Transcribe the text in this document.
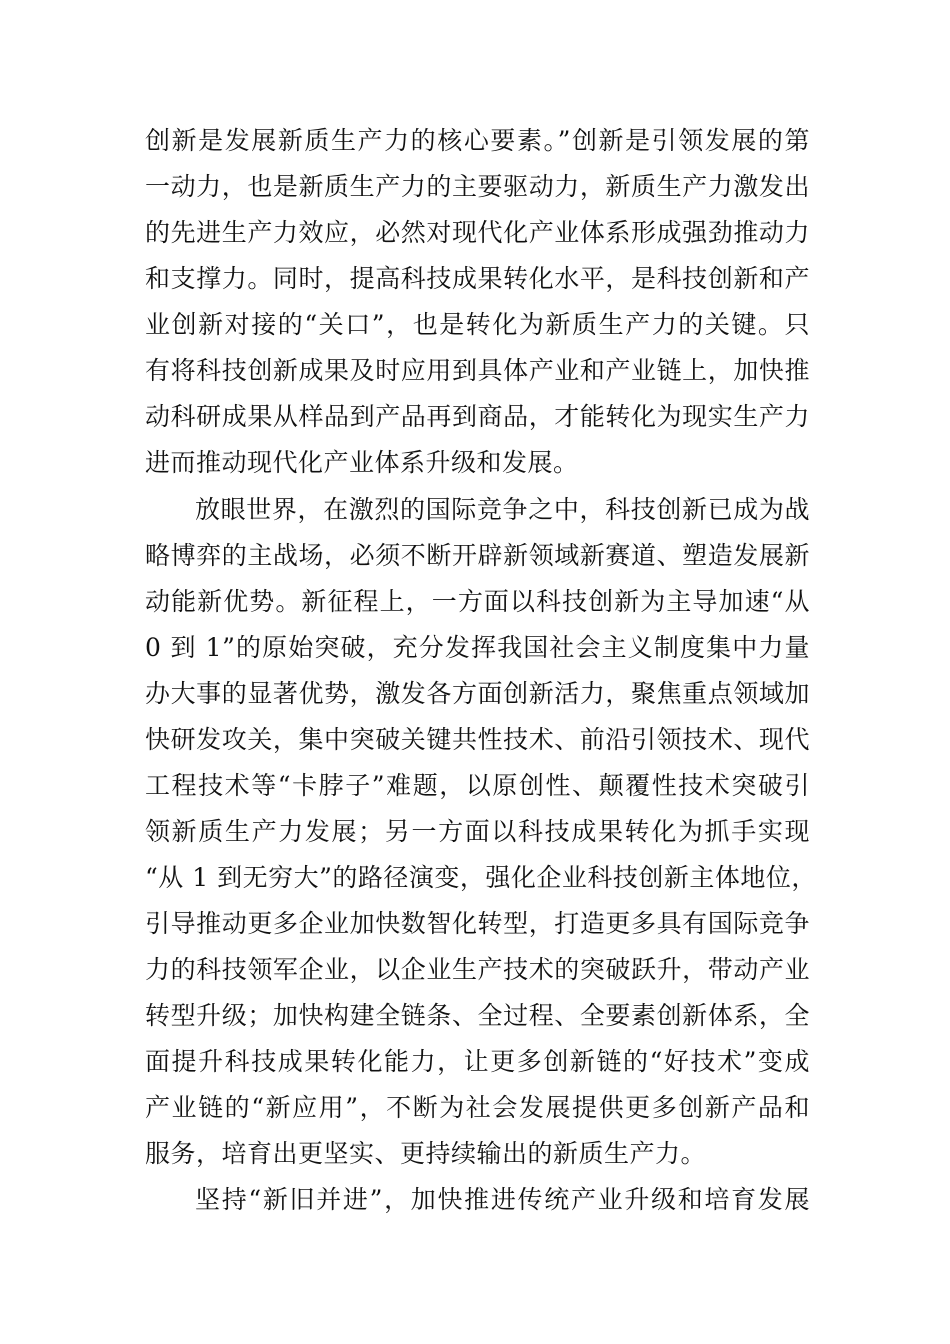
创新是发展新质生产力的核心要素。”创新是引领发展的第
一动力，也是新质生产力的主要驱动力，新质生产力激发出
的先进生产力效应，必然对现代化产业体系形成强劲推动力
和支撑力。同时，提高科技成果转化水平，是科技创新和产
业创新对接的“关口”，也是转化为新质生产力的关键。只
有将科技创新成果及时应用到具体产业和产业链上，加快推
动科研成果从样品到产品再到商品，才能转化为现实生产力
进而推动现代化产业体系升级和发展。
放眼世界，在激烈的国际竞争之中，科技创新已成为战
略博弈的主战场，必须不断开辟新领域新赛道、塑造发展新
动能新优势。新征程上，一方面以科技创新为主导加速“从
0 到 1”的原始突破，充分发挥我国社会主义制度集中力量
办大事的显著优势，激发各方面创新活力，聚焦重点领域加
快研发攻关，集中突破关键共性技术、前沿引领技术、现代
工程技术等“卡脖子”难题，以原创性、颠覆性技术突破引
领新质生产力发展；另一方面以科技成果转化为抓手实现
“从 1 到无穷大”的路径演变，强化企业科技创新主体地位，
引导推动更多企业加快数智化转型，打造更多具有国际竞争
力的科技领军企业，以企业生产技术的突破跃升，带动产业
转型升级；加快构建全链条、全过程、全要素创新体系，全
面提升科技成果转化能力，让更多创新链的“好技术”变成
产业链的“新应用”，不断为社会发展提供更多创新产品和
服务，培育出更坚实、更持续输出的新质生产力。
坚持“新旧并进”，加快推进传统产业升级和培育发展
